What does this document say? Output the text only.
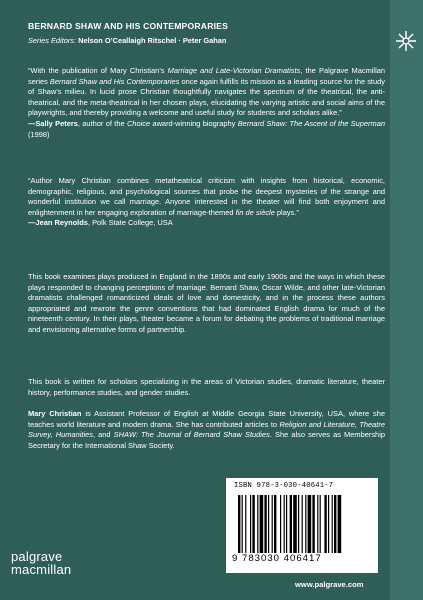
BERNARD SHAW AND HIS CONTEMPORARIES
Series Editors: Nelson O’Ceallaigh Ritschel · Peter Gahan

“With the publication of Mary Christian’s Marriage and Late-Victorian Dramatists, the Palgrave Macmillan series Bernard Shaw and His Contemporaries once again fulfills its mission as a leading source for the study of Shaw’s milieu. In lucid prose Christian thoughtfully navigates the spectrum of the theatrical, the anti-theatrical, and the meta-theatrical in her chosen plays, elucidating the varying artistic and social aims of the playwrights, and thereby providing a welcome and useful study for students and scholars alike.”

—Sally Peters, author of the Choice award-winning biography Bernard Shaw: The Ascent of the Superman (1998)

“Author Mary Christian combines metatheatrical criticism with insights from historical, economic, demographic, religious, and psychological sources that probe the deepest mysteries of the strange and wonderful institution we call marriage. Anyone interested in the theater will find both enjoyment and enlightenment in her engaging exploration of marriage-themed fin de siècle plays.”

—Jean Reynolds, Polk State College, USA

This book examines plays produced in England in the 1890s and early 1900s and the ways in which these plays responded to changing perceptions of marriage. Bernard Shaw, Oscar Wilde, and other late-Victorian dramatists challenged romanticized ideals of love and domesticity, and in the process these authors appropriated and rewrote the genre conventions that had dominated English drama for much of the nineteenth century. In their plays, theater became a forum for debating the problems of traditional marriage and envisioning alternative forms of partnership.

This book is written for scholars specializing in the areas of Victorian studies, dramatic literature, theater history, performance studies, and gender studies.

Mary Christian is Assistant Professor of English at Middle Georgia State University, USA, where she teaches world literature and modern drama. She has contributed articles to Religion and Literature, Theatre Survey, Humanities, and SHAW: The Journal of Bernard Shaw Studies. She also serves as Membership Secretary for the International Shaw Society.

ISBN 978-3-030-40641-7
9 783030 406417
palgrave
macmillan
www.palgrave.com
